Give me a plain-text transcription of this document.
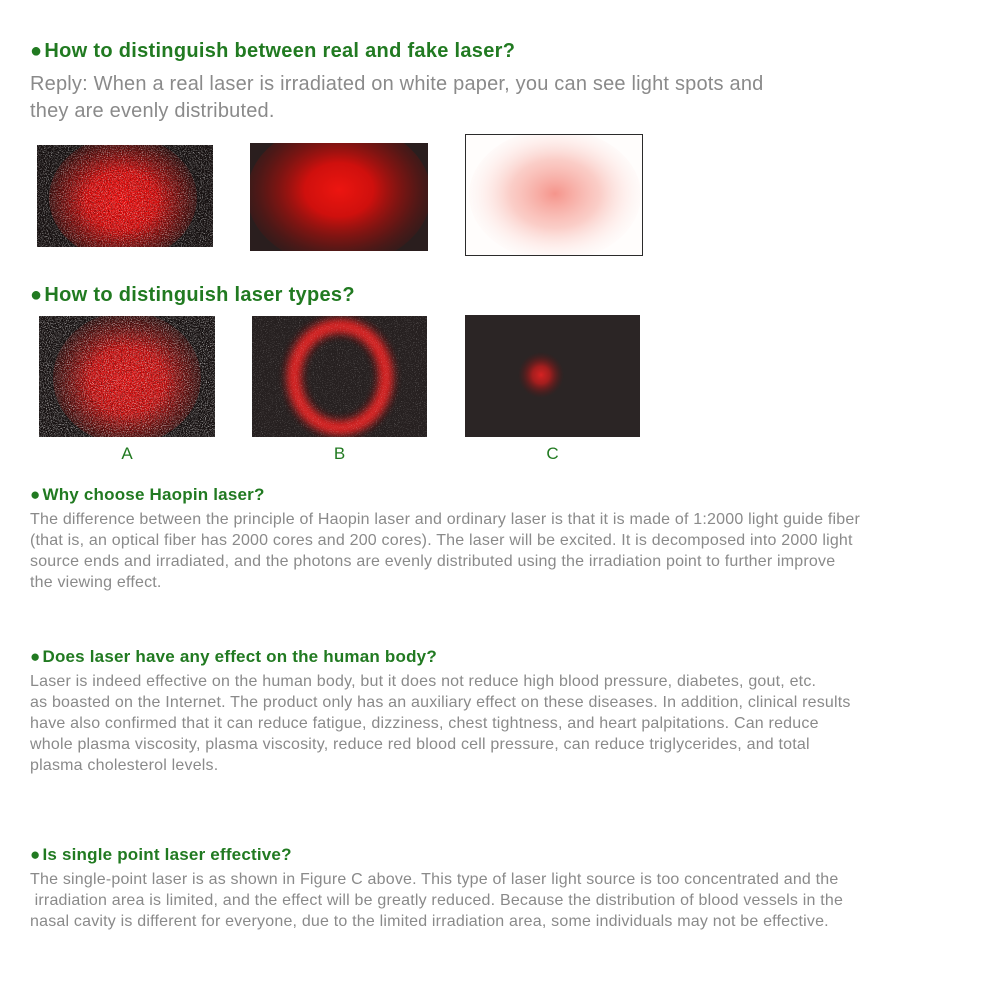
● How to distinguish between real and fake laser?
Reply: When a real laser is irradiated on white paper, you can see light spots and
they are evenly distributed.
● How to distinguish laser types?
A	B	C
● Why choose Haopin laser?
The difference between the principle of Haopin laser and ordinary laser is that it is made of 1:2000 light guide fiber
(that is, an optical fiber has 2000 cores and 200 cores). The laser will be excited. It is decomposed into 2000 light
source ends and irradiated, and the photons are evenly distributed using the irradiation point to further improve
the viewing effect.
● Does laser have any effect on the human body?
Laser is indeed effective on the human body, but it does not reduce high blood pressure, diabetes, gout, etc.
as boasted on the Internet. The product only has an auxiliary effect on these diseases. In addition, clinical results
have also confirmed that it can reduce fatigue, dizziness, chest tightness, and heart palpitations. Can reduce
whole plasma viscosity, plasma viscosity, reduce red blood cell pressure, can reduce triglycerides, and total
plasma cholesterol levels.
● Is single point laser effective?
The single-point laser is as shown in Figure C above. This type of laser light source is too concentrated and the
irradiation area is limited, and the effect will be greatly reduced. Because the distribution of blood vessels in the
nasal cavity is different for everyone, due to the limited irradiation area, some individuals may not be effective.
